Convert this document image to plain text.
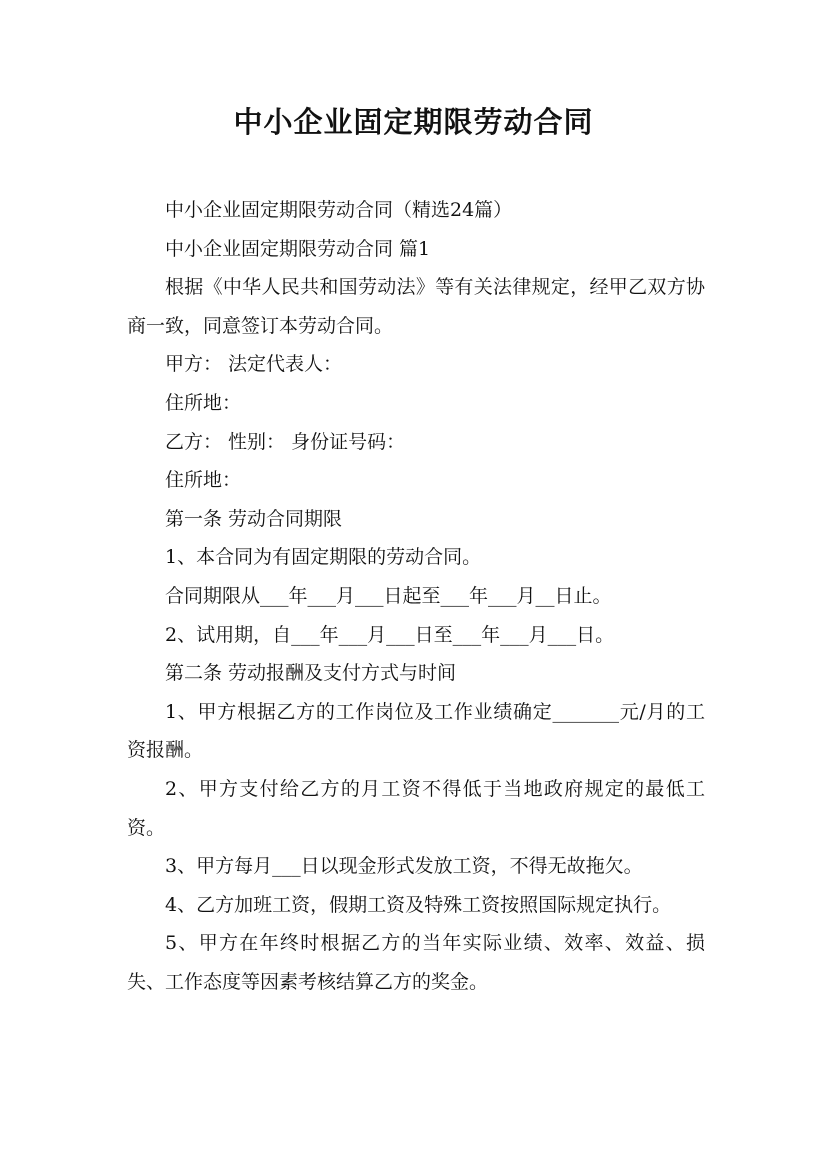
中小企业固定期限劳动合同

中小企业固定期限劳动合同（精选24篇）

中小企业固定期限劳动合同 篇1

根据《中华人民共和国劳动法》等有关法律规定，经甲乙双方协商一致，同意签订本劳动合同。

甲方： 法定代表人：

住所地：

乙方： 性别： 身份证号码：

住所地：

第一条 劳动合同期限

1、本合同为有固定期限的劳动合同。

合同期限从___年___月___日起至___年___月__日止。

2、试用期，自___年___月___日至___年___月___日。

第二条 劳动报酬及支付方式与时间

1、甲方根据乙方的工作岗位及工作业绩确定_______元/月的工资报酬。

2、甲方支付给乙方的月工资不得低于当地政府规定的最低工资。

3、甲方每月___日以现金形式发放工资，不得无故拖欠。

4、乙方加班工资，假期工资及特殊工资按照国际规定执行。

5、甲方在年终时根据乙方的当年实际业绩、效率、效益、损失、工作态度等因素考核结算乙方的奖金。
